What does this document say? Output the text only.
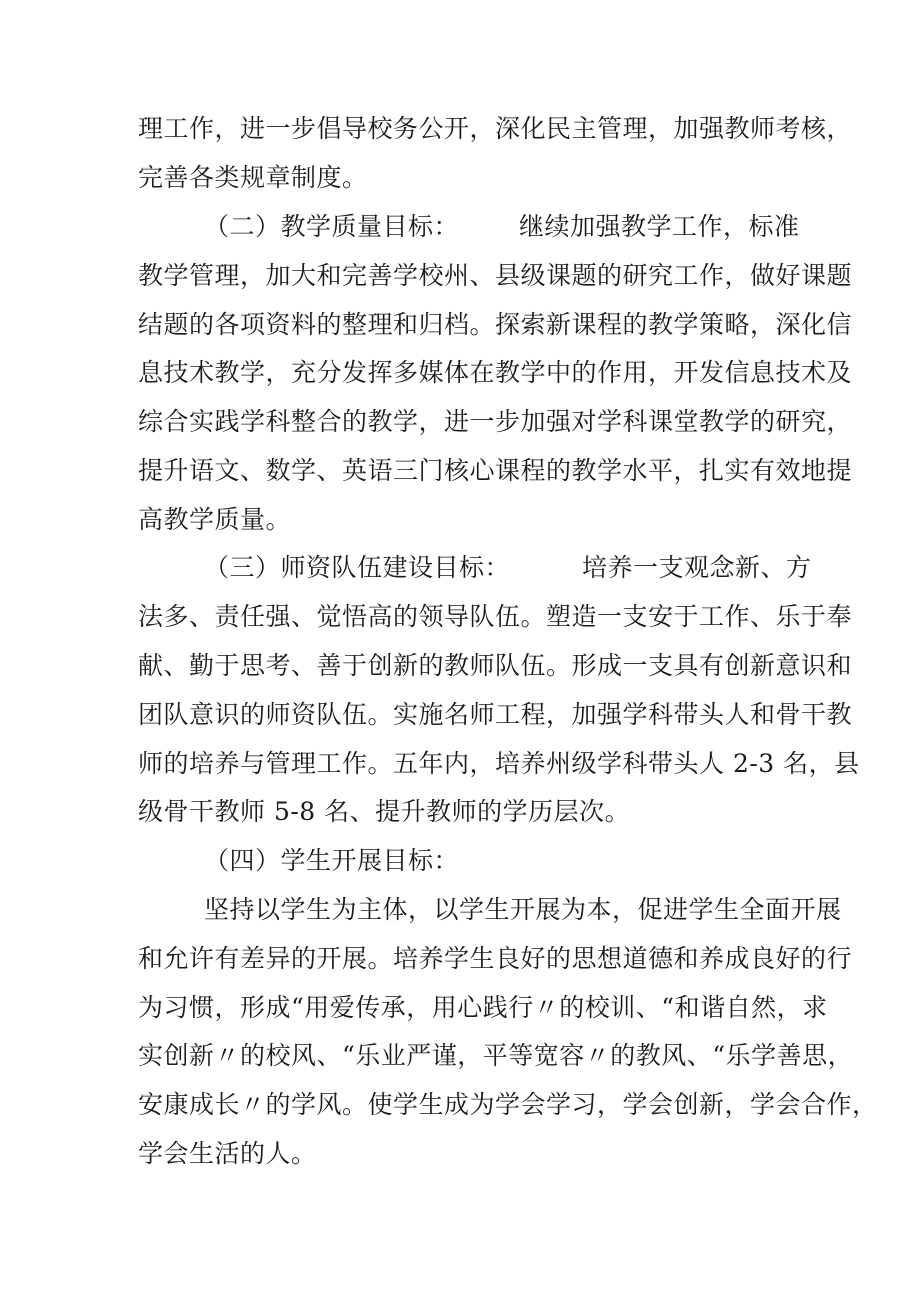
理工作，进一步倡导校务公开，深化民主管理，加强教师考核，
完善各类规章制度。
（二）教学质量目标： 继续加强教学工作，标准
教学管理，加大和完善学校州、县级课题的研究工作，做好课题
结题的各项资料的整理和归档。探索新课程的教学策略，深化信
息技术教学，充分发挥多媒体在教学中的作用，开发信息技术及
综合实践学科整合的教学，进一步加强对学科课堂教学的研究，
提升语文、数学、英语三门核心课程的教学水平，扎实有效地提
高教学质量。
（三）师资队伍建设目标：	培养一支观念新、方
法多、责任强、觉悟高的领导队伍。塑造一支安于工作、乐于奉
献、勤于思考、善于创新的教师队伍。形成一支具有创新意识和
团队意识的师资队伍。实施名师工程，加强学科带头人和骨干教
师的培养与管理工作。五年内，培养州级学科带头人 2-3 名，县
级骨干教师 5-8 名、提升教师的学历层次。
（四）学生开展目标：
坚持以学生为主体，以学生开展为本，促进学生全面开展
和允许有差异的开展。培养学生良好的思想道德和养成良好的行
为习惯，形成“用爱传承，用心践行〃的校训、“和谐自然，求
实创新〃的校风、“乐业严谨，平等宽容〃的教风、“乐学善思，
安康成长〃的学风。使学生成为学会学习，学会创新，学会合作，
学会生活的人。
